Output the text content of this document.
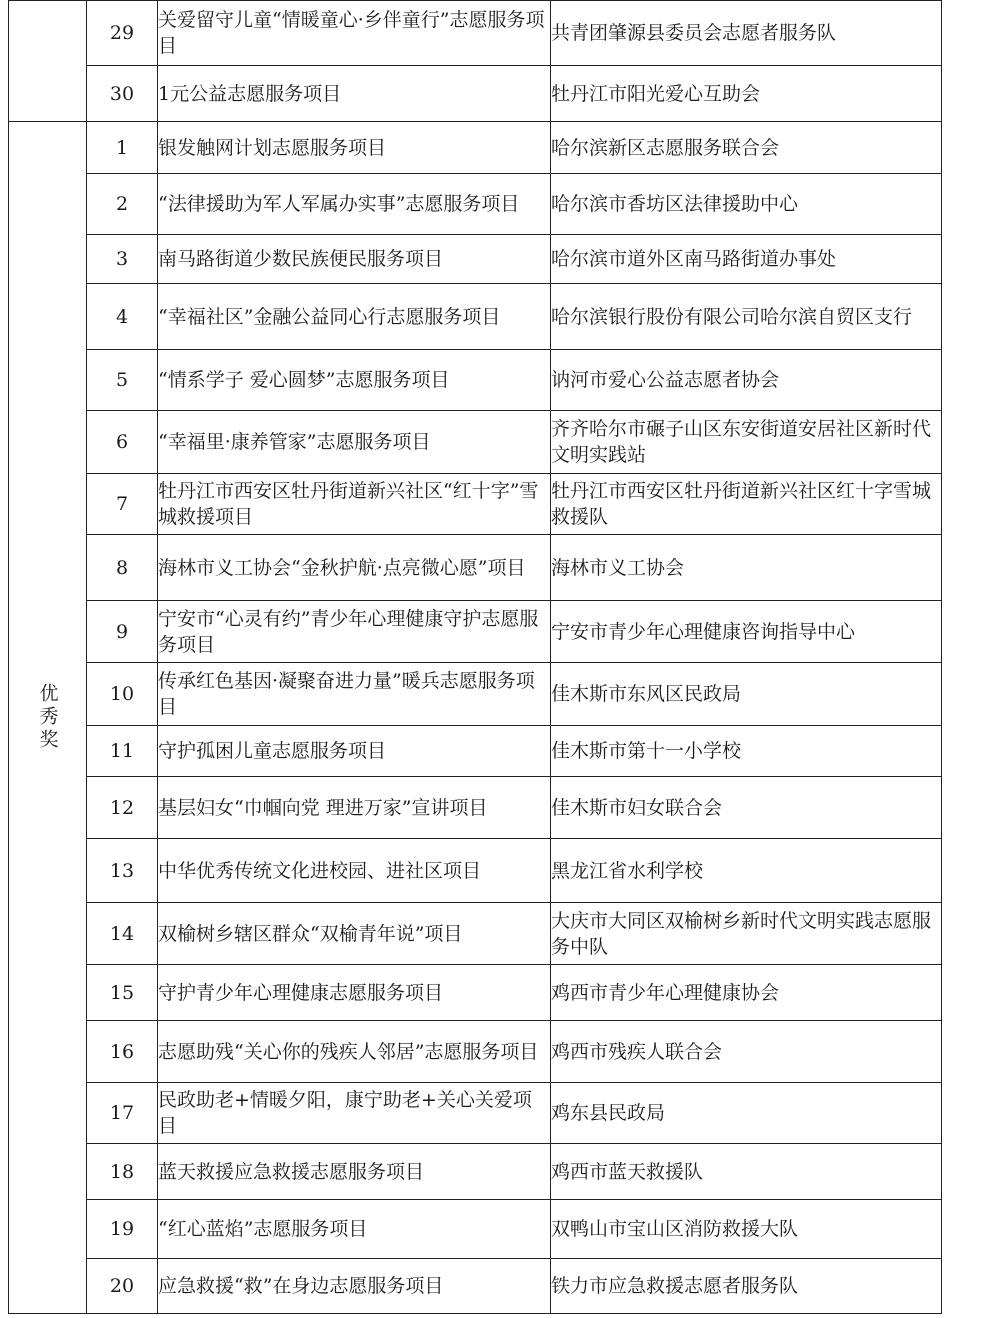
	29	关爱留守儿童“情暖童心·乡伴童行”志愿服务项目	共青团肇源县委员会志愿者服务队
	30	1元公益志愿服务项目	牡丹江市阳光爱心互助会
优秀奖	1	银发触网计划志愿服务项目	哈尔滨新区志愿服务联合会
	2	“法律援助为军人军属办实事”志愿服务项目	哈尔滨市香坊区法律援助中心
	3	南马路街道少数民族便民服务项目	哈尔滨市道外区南马路街道办事处
	4	“幸福社区”金融公益同心行志愿服务项目	哈尔滨银行股份有限公司哈尔滨自贸区支行
	5	“情系学子 爱心圆梦”志愿服务项目	讷河市爱心公益志愿者协会
	6	“幸福里·康养管家”志愿服务项目	齐齐哈尔市碾子山区东安街道安居社区新时代文明实践站
	7	牡丹江市西安区牡丹街道新兴社区“红十字”雪城救援项目	牡丹江市西安区牡丹街道新兴社区红十字雪城救援队
	8	海林市义工协会“金秋护航·点亮微心愿”项目	海林市义工协会
	9	宁安市“心灵有约”青少年心理健康守护志愿服务项目	宁安市青少年心理健康咨询指导中心
	10	传承红色基因·凝聚奋进力量”暖兵志愿服务项目	佳木斯市东风区民政局
	11	守护孤困儿童志愿服务项目	佳木斯市第十一小学校
	12	基层妇女“巾帼向党 理进万家”宣讲项目	佳木斯市妇女联合会
	13	中华优秀传统文化进校园、进社区项目	黑龙江省水利学校
	14	双榆树乡辖区群众“双榆青年说”项目	大庆市大同区双榆树乡新时代文明实践志愿服务中队
	15	守护青少年心理健康志愿服务项目	鸡西市青少年心理健康协会
	16	志愿助残“关心你的残疾人邻居”志愿服务项目	鸡西市残疾人联合会
	17	民政助老+情暖夕阳，康宁助老+关心关爱项目	鸡东县民政局
	18	蓝天救援应急救援志愿服务项目	鸡西市蓝天救援队
	19	“红心蓝焰”志愿服务项目	双鸭山市宝山区消防救援大队
	20	应急救援“救”在身边志愿服务项目	铁力市应急救援志愿者服务队
